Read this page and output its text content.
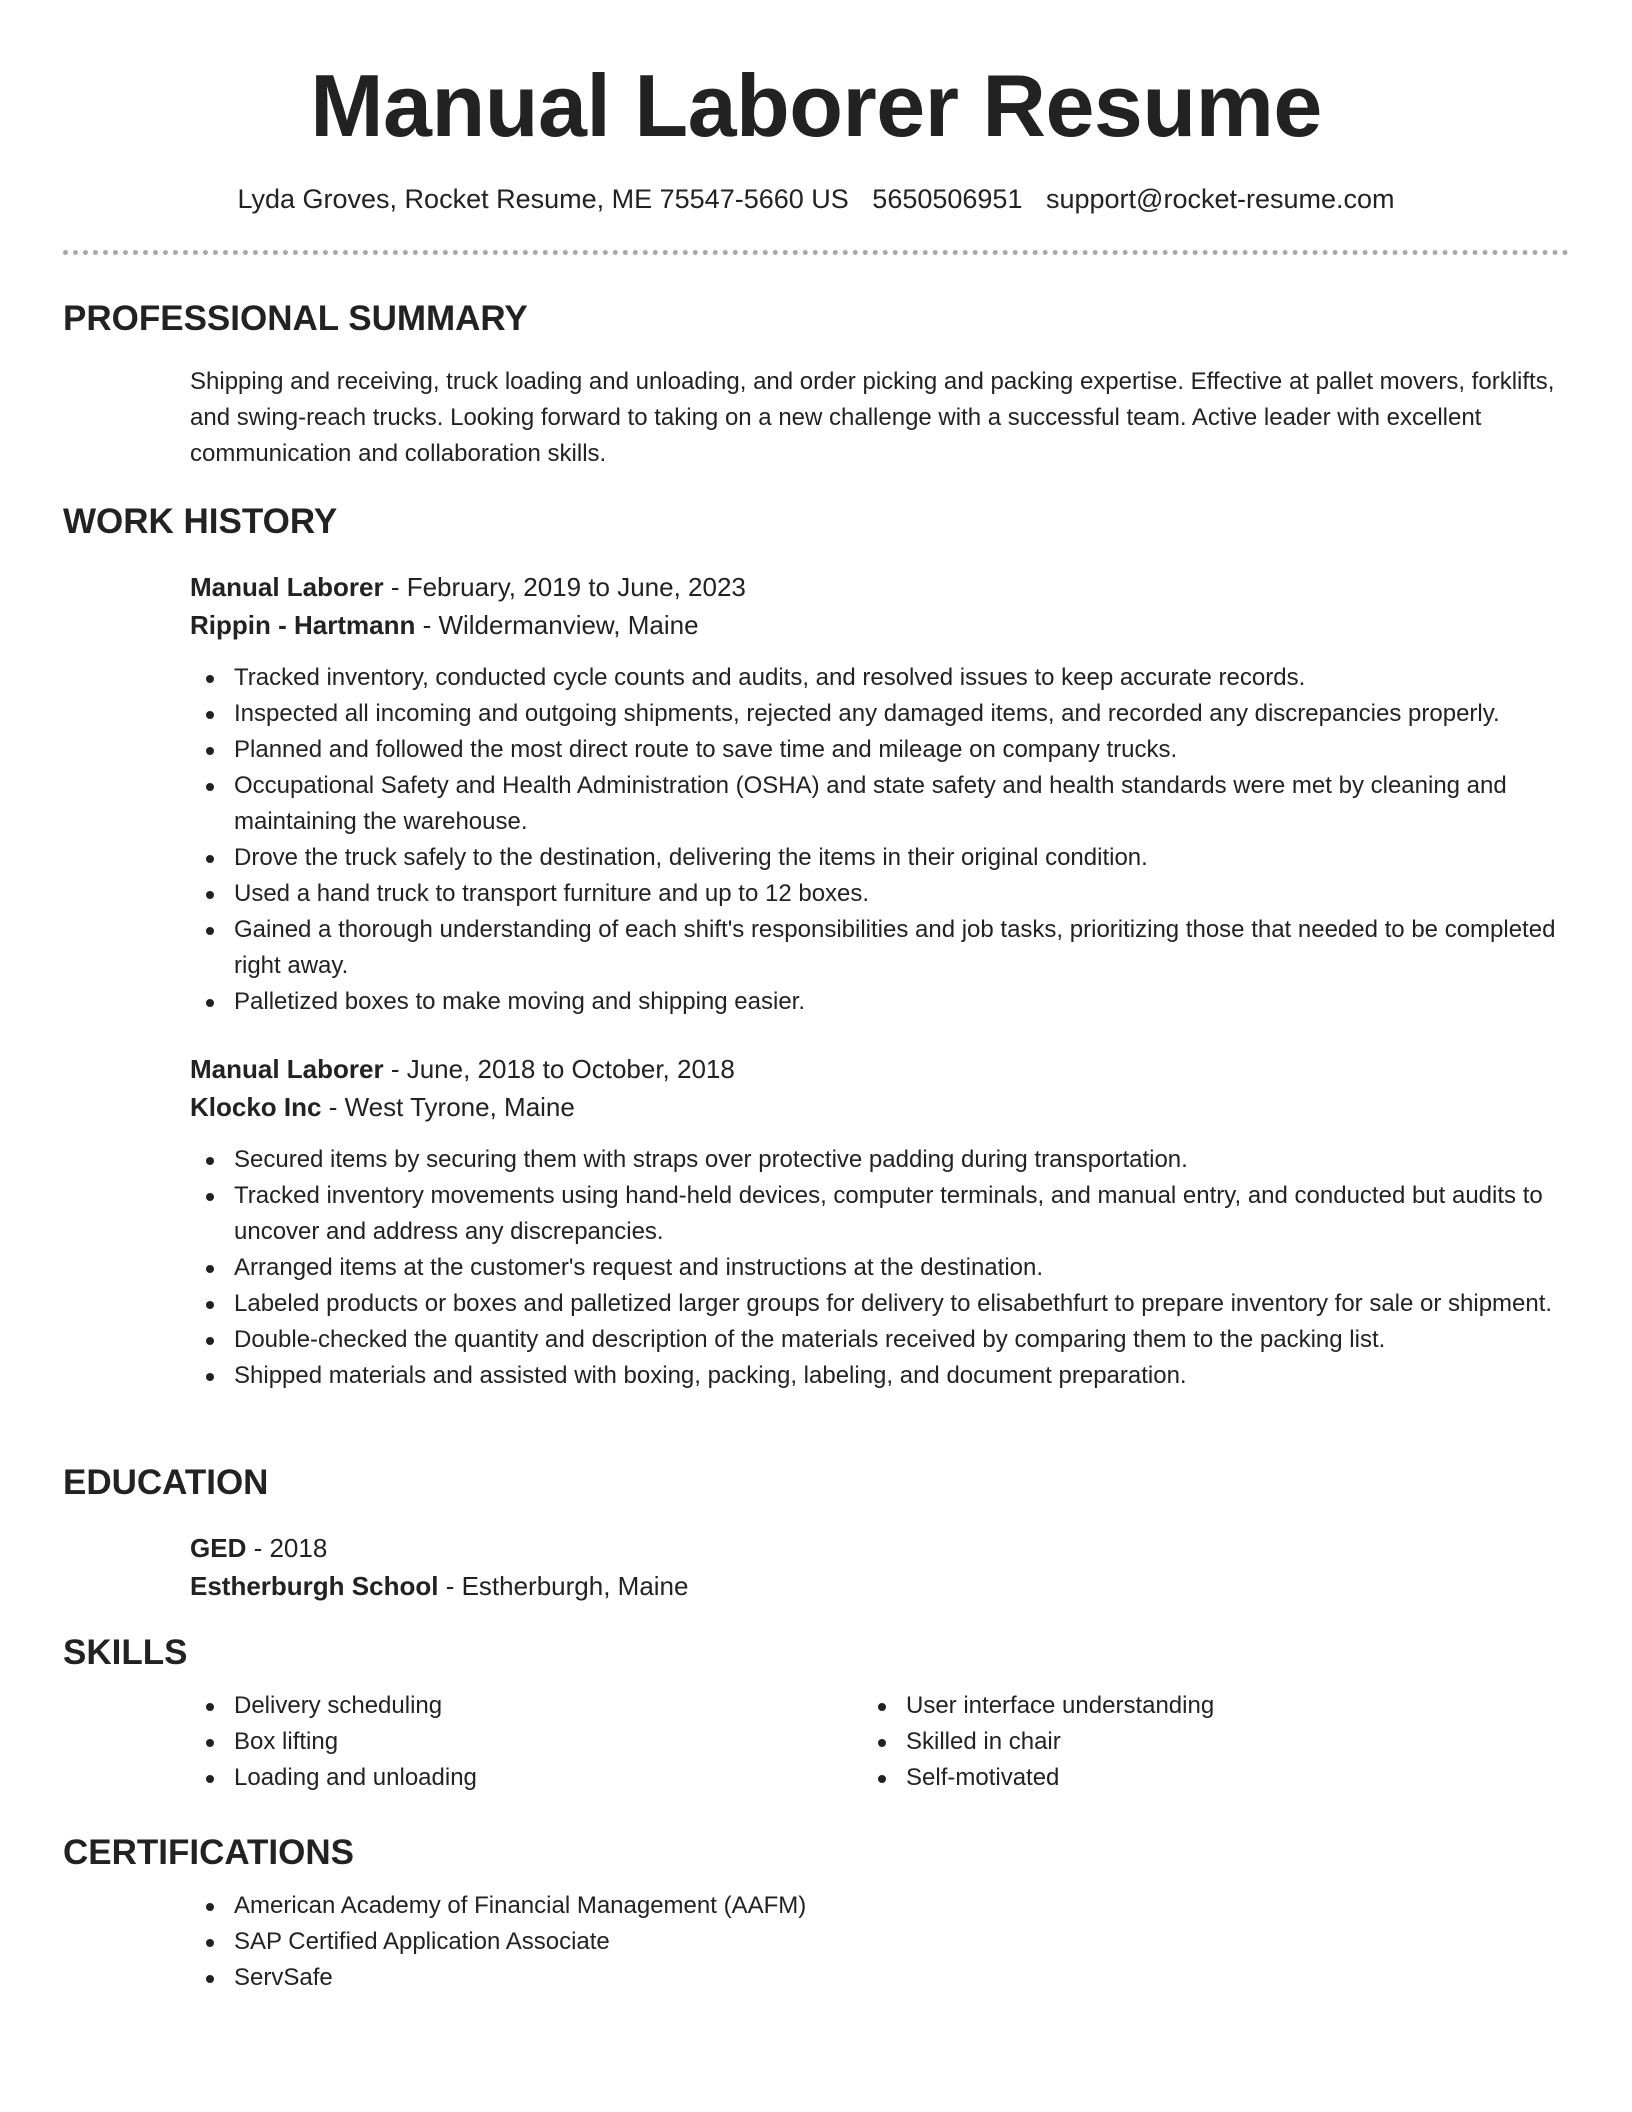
Manual Laborer Resume
Lyda Groves, Rocket Resume, ME 75547-5660 US 5650506951 support@rocket-resume.com
PROFESSIONAL SUMMARY

Shipping and receiving, truck loading and unloading, and order picking and packing expertise. Effective at pallet movers, forklifts, and swing-reach trucks. Looking forward to taking on a new challenge with a successful team. Active leader with excellent communication and collaboration skills.

WORK HISTORY
Manual Laborer - February, 2019 to June, 2023
Rippin - Hartmann - Wildermanview, Maine
Tracked inventory, conducted cycle counts and audits, and resolved issues to keep accurate records.
Inspected all incoming and outgoing shipments, rejected any damaged items, and recorded any discrepancies properly.
Planned and followed the most direct route to save time and mileage on company trucks.
Occupational Safety and Health Administration (OSHA) and state safety and health standards were met by cleaning and maintaining the warehouse.
Drove the truck safely to the destination, delivering the items in their original condition.
Used a hand truck to transport furniture and up to 12 boxes.
Gained a thorough understanding of each shift's responsibilities and job tasks, prioritizing those that needed to be completed right away.
Palletized boxes to make moving and shipping easier.
Manual Laborer - June, 2018 to October, 2018
Klocko Inc - West Tyrone, Maine
Secured items by securing them with straps over protective padding during transportation.
Tracked inventory movements using hand-held devices, computer terminals, and manual entry, and conducted but audits to uncover and address any discrepancies.
Arranged items at the customer's request and instructions at the destination.
Labeled products or boxes and palletized larger groups for delivery to elisabethfurt to prepare inventory for sale or shipment.
Double-checked the quantity and description of the materials received by comparing them to the packing list.
Shipped materials and assisted with boxing, packing, labeling, and document preparation.
EDUCATION
GED - 2018
Estherburgh School - Estherburgh, Maine
SKILLS
Delivery scheduling
Box lifting
Loading and unloading
User interface understanding
Skilled in chair
Self-motivated
CERTIFICATIONS
American Academy of Financial Management (AAFM)
SAP Certified Application Associate
ServSafe
